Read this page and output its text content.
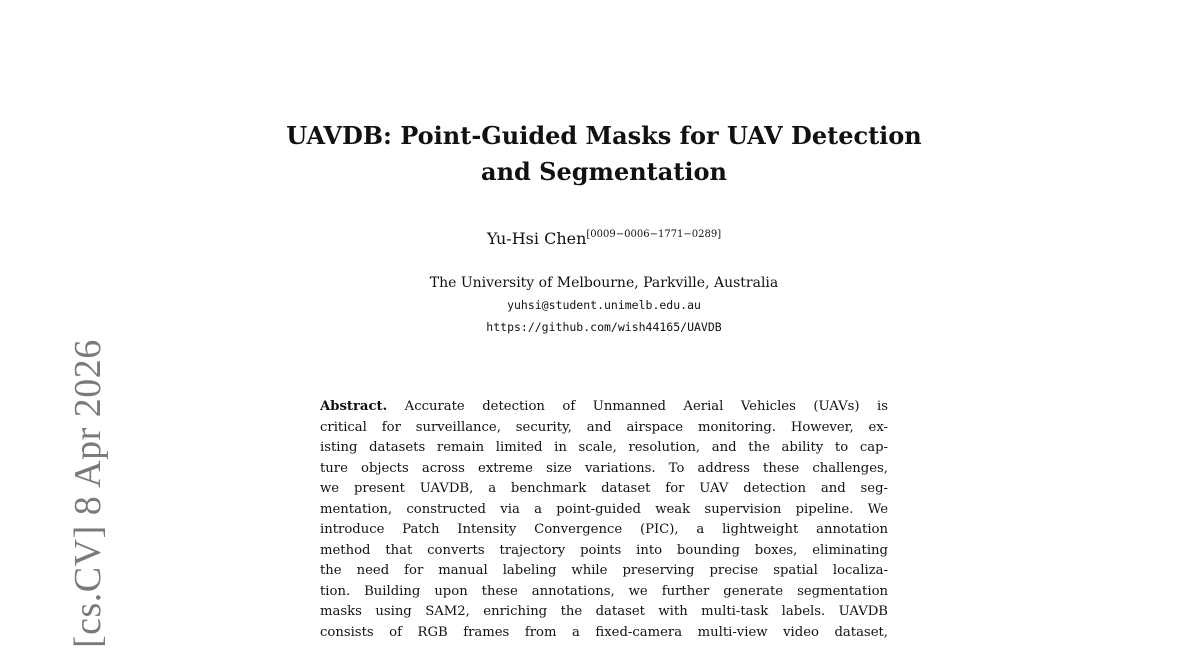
[cs.CV] 8 Apr 2026
UAVDB: Point-Guided Masks for UAV Detection
and Segmentation
Yu-Hsi Chen[0009−0006−1771−0289]
The University of Melbourne, Parkville, Australia
yuhsi@student.unimelb.edu.au
https://github.com/wish44165/UAVDB
Abstract. Accurate detection of Unmanned Aerial Vehicles (UAVs) is
critical for surveillance, security, and airspace monitoring. However, ex-
isting datasets remain limited in scale, resolution, and the ability to cap-
ture objects across extreme size variations. To address these challenges,
we present UAVDB, a benchmark dataset for UAV detection and seg-
mentation, constructed via a point-guided weak supervision pipeline. We
introduce Patch Intensity Convergence (PIC), a lightweight annotation
method that converts trajectory points into bounding boxes, eliminating
the need for manual labeling while preserving precise spatial localiza-
tion. Building upon these annotations, we further generate segmentation
masks using SAM2, enriching the dataset with multi-task labels. UAVDB
consists of RGB frames from a fixed-camera multi-view video dataset,
